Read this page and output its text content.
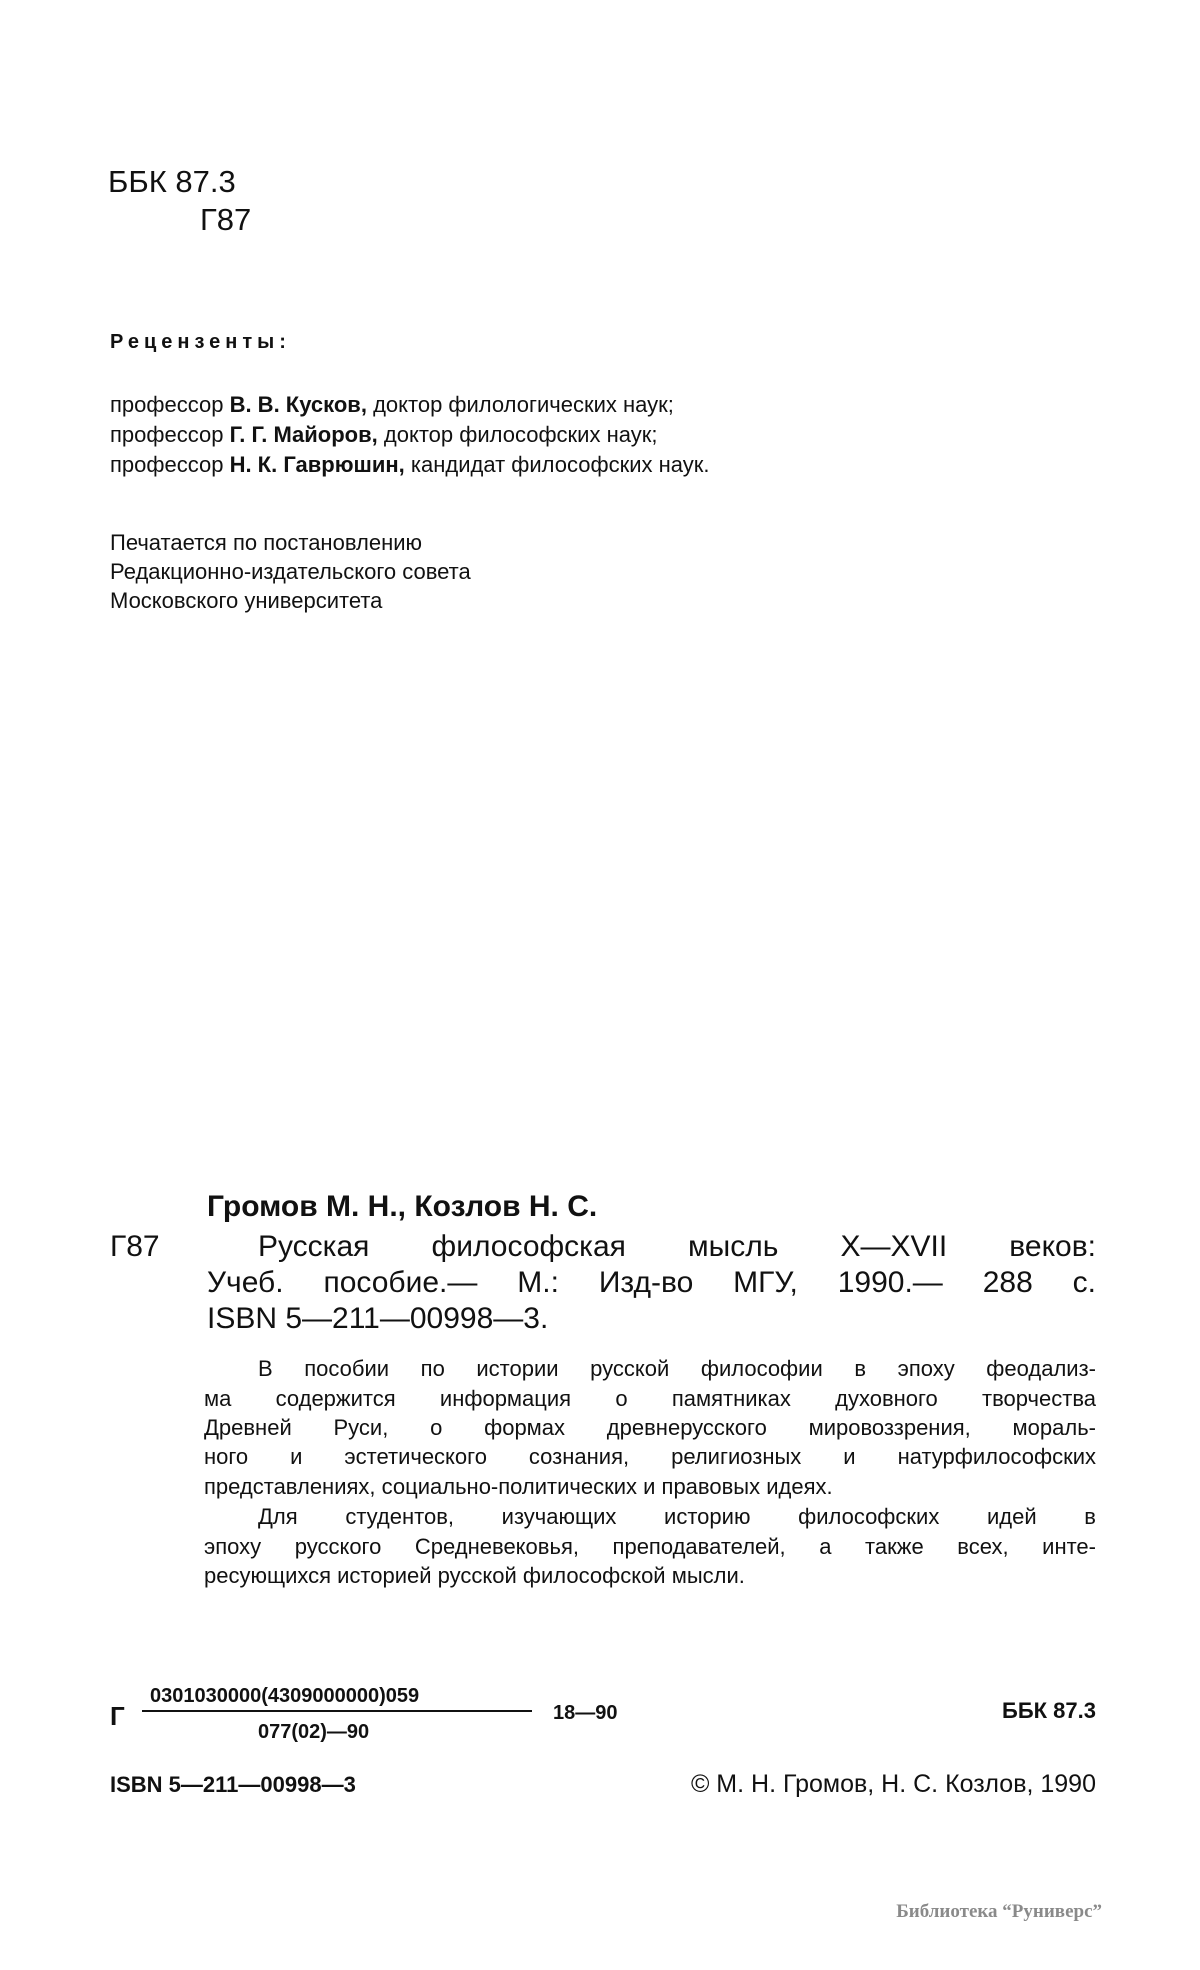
ББК 87.3
Г87
Рецензенты:
профессор В. В. Кусков, доктор филологических наук;
профессор Г. Г. Майоров, доктор философских наук;
профессор Н. К. Гаврюшин, кандидат философских наук.
Печатается по постановлению
Редакционно-издательского совета
Московского университета
Громов М. Н., Козлов Н. С.
Г87	Русская философская мысль X—XVII веков:
Учеб. пособие.— М.: Изд-во МГУ, 1990.— 288 с.
ISBN 5—211—00998—3.
В пособии по истории русской философии в эпоху феодализ-
ма содержится информация о памятниках духовного творчества
Древней Руси, о формах древнерусского мировоззрения, мораль-
ного и эстетического сознания, религиозных и натурфилософских
представлениях, социально-политических и правовых идеях.
Для студентов, изучающих историю философских идей в
эпоху русского Средневековья, преподавателей, а также всех, инте-
ресующихся историей русской философской мысли.
Г
0301030000(4309000000)059
077(02)—90
18—90	ББК 87.3
ISBN 5—211—00998—3	© М. Н. Громов, Н. С. Козлов, 1990
Библиотека “Руниверс”
